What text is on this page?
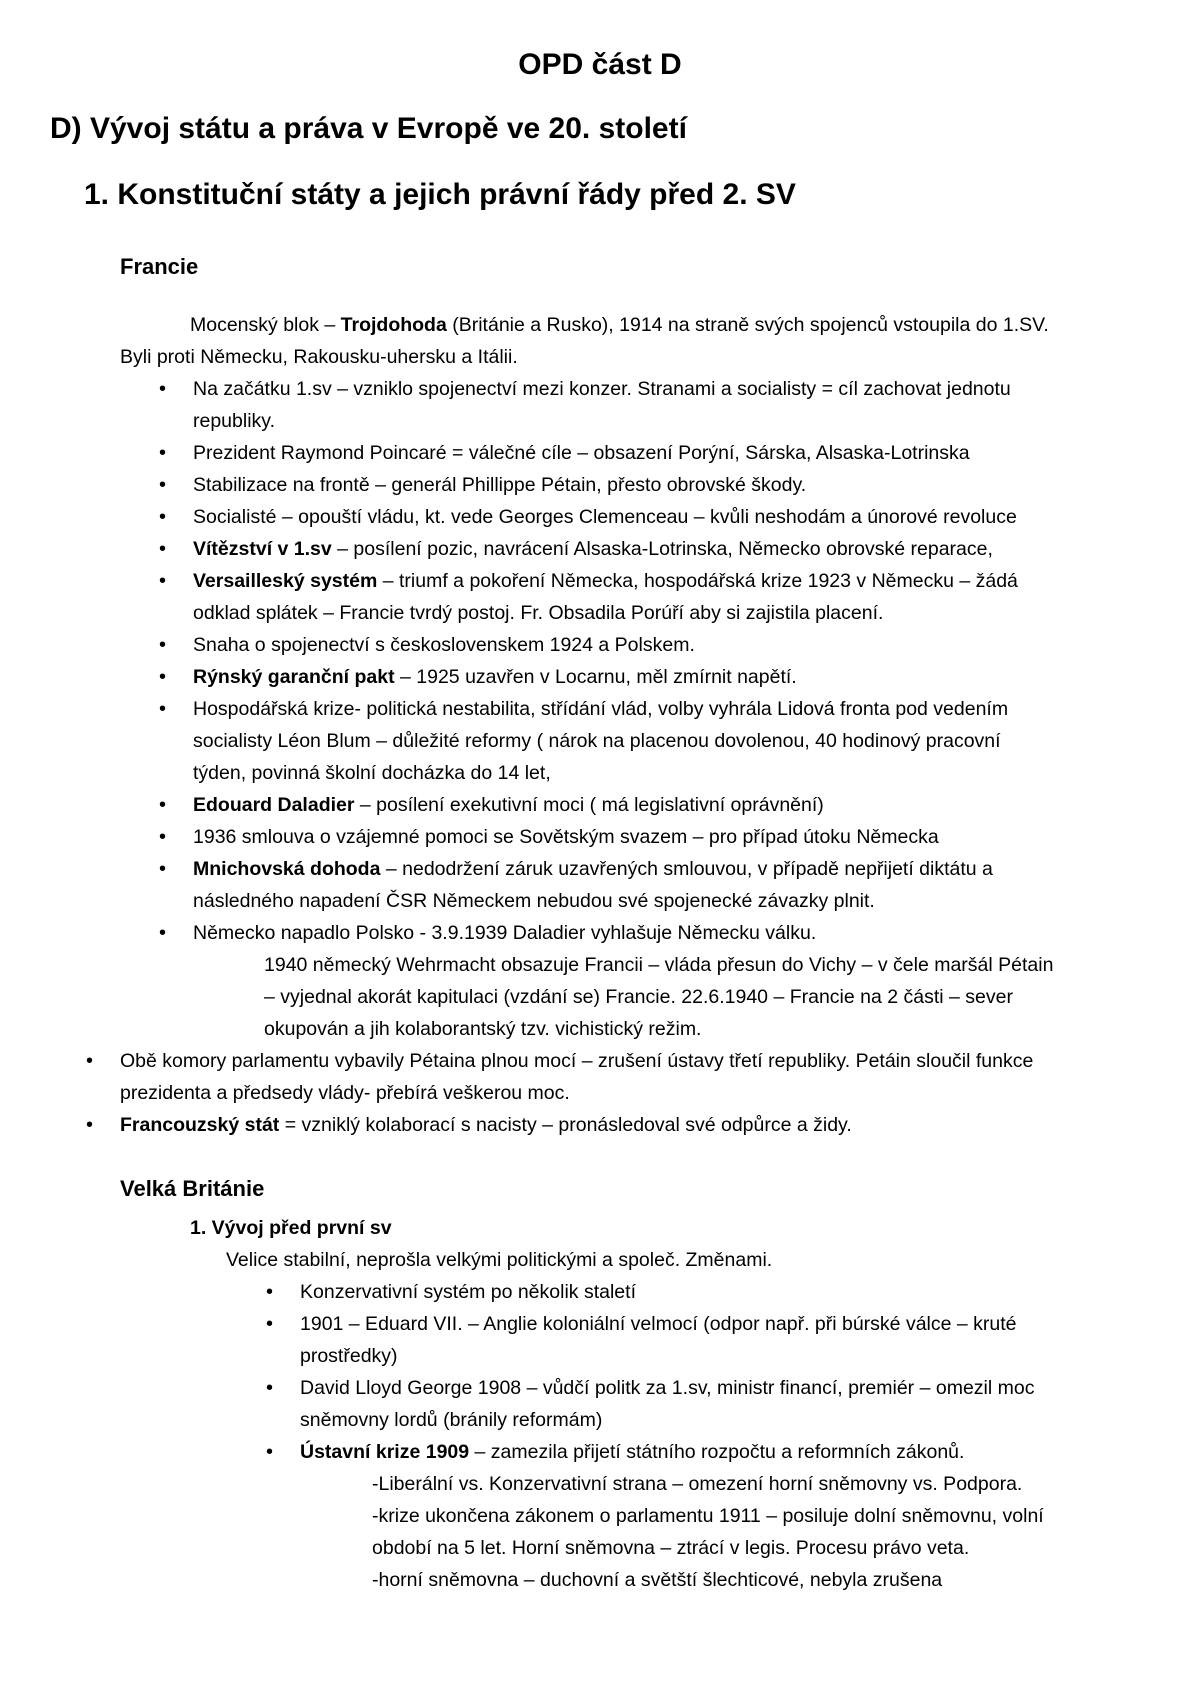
OPD část D
D) Vývoj státu a práva v Evropě ve 20. století
1. Konstituční státy a jejich právní řády před 2. SV
Francie
Mocenský blok – Trojdohoda (Británie a Rusko), 1914 na straně svých spojenců vstoupila do 1.SV.
Byli proti Německu, Rakousku-uhersku a Itálii.
• Na začátku 1.sv – vzniklo spojenectví mezi konzer. Stranami a socialisty = cíl zachovat jednotu
republiky.
• Prezident Raymond Poincaré = válečné cíle – obsazení Porýní, Sárska, Alsaska-Lotrinska
• Stabilizace na frontě – generál Phillippe Pétain, přesto obrovské škody.
• Socialisté – opouští vládu, kt. vede Georges Clemenceau – kvůli neshodám a únorové revoluce
• Vítězství v 1.sv – posílení pozic, navrácení Alsaska-Lotrinska, Německo obrovské reparace,
• Versailleský systém – triumf a pokoření Německa, hospodářská krize 1923 v Německu – žádá
odklad splátek – Francie tvrdý postoj. Fr. Obsadila Porúří aby si zajistila placení.
• Snaha o spojenectví s československem 1924 a Polskem.
• Rýnský garanční pakt – 1925 uzavřen v Locarnu, měl zmírnit napětí.
• Hospodářská krize- politická nestabilita, střídání vlád, volby vyhrála Lidová fronta pod vedením
socialisty Léon Blum – důležité reformy ( nárok na placenou dovolenou, 40 hodinový pracovní
týden, povinná školní docházka do 14 let,
• Edouard Daladier – posílení exekutivní moci ( má legislativní oprávnění)
• 1936 smlouva o vzájemné pomoci se Sovětským svazem – pro případ útoku Německa
• Mnichovská dohoda – nedodržení záruk uzavřených smlouvou, v případě nepřijetí diktátu a
následného napadení ČSR Německem nebudou své spojenecké závazky plnit.
• Německo napadlo Polsko - 3.9.1939 Daladier vyhlašuje Německu válku.
1940 německý Wehrmacht obsazuje Francii – vláda přesun do Vichy – v čele maršál Pétain
– vyjednal akorát kapitulaci (vzdání se) Francie. 22.6.1940 – Francie na 2 části – sever
okupován a jih kolaborantský tzv. vichistický režim.
• Obě komory parlamentu vybavily Pétaina plnou mocí – zrušení ústavy třetí republiky. Petáin sloučil funkce
prezidenta a předsedy vlády- přebírá veškerou moc.
• Francouzský stát = vzniklý kolaborací s nacisty – pronásledoval své odpůrce a židy.
Velká Británie
1. Vývoj před první sv
Velice stabilní, neprošla velkými politickými a společ. Změnami.
• Konzervativní systém po několik staletí
• 1901 – Eduard VII. – Anglie koloniální velmocí (odpor např. při búrské válce – kruté
prostředky)
• David Lloyd George 1908 – vůdčí politk za 1.sv, ministr financí, premiér – omezil moc
sněmovny lordů (bránily reformám)
• Ústavní krize 1909 – zamezila přijetí státního rozpočtu a reformních zákonů.
-Liberální vs. Konzervativní strana – omezení horní sněmovny vs. Podpora.
-krize ukončena zákonem o parlamentu 1911 – posiluje dolní sněmovnu, volní
období na 5 let. Horní sněmovna – ztrácí v legis. Procesu právo veta.
-horní sněmovna – duchovní a světští šlechticové, nebyla zrušena
